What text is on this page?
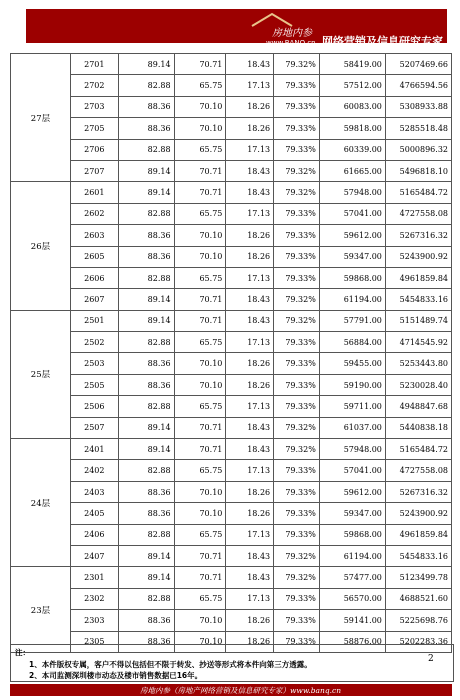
房地内参
www.BANQ.cn 网络营销及信息研究专家
27层	2701	89.14	70.71	18.43	79.32%	58419.00	5207469.66
	2702	82.88	65.75	17.13	79.33%	57512.00	4766594.56
	2703	88.36	70.10	18.26	79.33%	60083.00	5308933.88
	2705	88.36	70.10	18.26	79.33%	59818.00	5285518.48
	2706	82.88	65.75	17.13	79.33%	60339.00	5000896.32
	2707	89.14	70.71	18.43	79.32%	61665.00	5496818.10
26层	2601	89.14	70.71	18.43	79.32%	57948.00	5165484.72
	2602	82.88	65.75	17.13	79.33%	57041.00	4727558.08
	2603	88.36	70.10	18.26	79.33%	59612.00	5267316.32
	2605	88.36	70.10	18.26	79.33%	59347.00	5243900.92
	2606	82.88	65.75	17.13	79.33%	59868.00	4961859.84
	2607	89.14	70.71	18.43	79.32%	61194.00	5454833.16
25层	2501	89.14	70.71	18.43	79.32%	57791.00	5151489.74
	2502	82.88	65.75	17.13	79.33%	56884.00	4714545.92
	2503	88.36	70.10	18.26	79.33%	59455.00	5253443.80
	2505	88.36	70.10	18.26	79.33%	59190.00	5230028.40
	2506	82.88	65.75	17.13	79.33%	59711.00	4948847.68
	2507	89.14	70.71	18.43	79.32%	61037.00	5440838.18
24层	2401	89.14	70.71	18.43	79.32%	57948.00	5165484.72
	2402	82.88	65.75	17.13	79.33%	57041.00	4727558.08
	2403	88.36	70.10	18.26	79.33%	59612.00	5267316.32
	2405	88.36	70.10	18.26	79.33%	59347.00	5243900.92
	2406	82.88	65.75	17.13	79.33%	59868.00	4961859.84
	2407	89.14	70.71	18.43	79.32%	61194.00	5454833.16
23层	2301	89.14	70.71	18.43	79.32%	57477.00	5123499.78
	2302	82.88	65.75	17.13	79.33%	56570.00	4688521.60
	2303	88.36	70.10	18.26	79.33%	59141.00	5225698.76
	2305	88.36	70.10	18.26	79.33%	58876.00	5202283.36
注：
1、本件版权专属，客户不得以包括但不限于转发、抄送等形式将本件向第三方透露。
2、本司监测深圳楼市动态及楼市销售数据已16年。
2
房地内参（房地产网络营销及信息研究专家）www.banq.cn
